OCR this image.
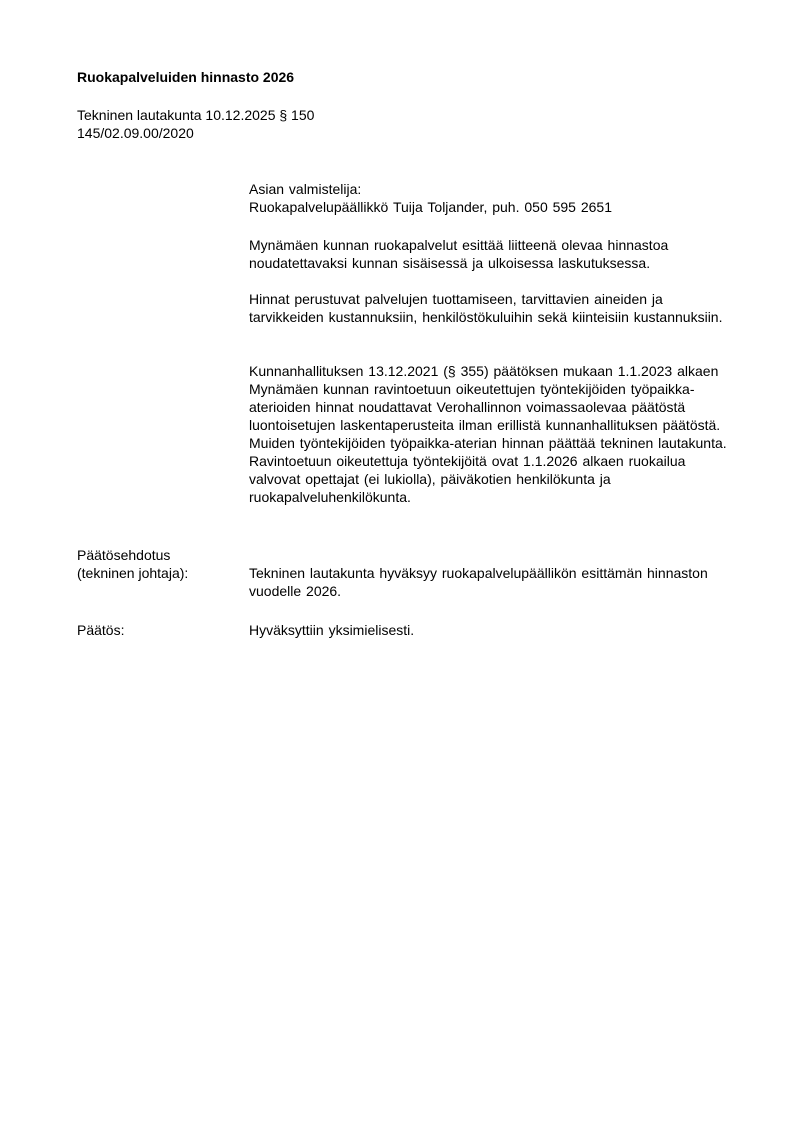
Ruokapalveluiden hinnasto 2026
Tekninen lautakunta 10.12.2025 § 150
145/02.09.00/2020

Asian valmistelija:

Ruokapalvelupäällikkö Tuija Toljander, puh. 050 595 2651

Mynämäen kunnan ruokapalvelut esittää liitteenä olevaa hinnastoa noudatettavaksi kunnan sisäisessä ja ulkoisessa laskutuksessa.

Hinnat perustuvat palvelujen tuottamiseen, tarvittavien aineiden ja tarvikkeiden kustannuksiin, henkilöstökuluihin sekä kiinteisiin kustannuksiin.

Kunnanhallituksen 13.12.2021 (§ 355) päätöksen mukaan 1.1.2023 alkaen Mynämäen kunnan ravintoetuun oikeutettujen työntekijöiden työpaikka-aterioiden hinnat noudattavat Verohallinnon voimassaolevaa päätöstä luontoisetujen laskentaperusteita ilman erillistä kunnanhallituksen päätöstä. Muiden työntekijöiden työpaikka-aterian hinnan päättää tekninen lautakunta. Ravintoetuun oikeutettuja työntekijöitä ovat 1.1.2026 alkaen ruokailua valvovat opettajat (ei lukiolla), päiväkotien henkilökunta ja ruokapalveluhenkilökunta.

Päätösehdotus
(tekninen johtaja):	Tekninen lautakunta hyväksyy ruokapalvelupäällikön esittämän hinnaston vuodelle 2026.

Päätös:	Hyväksyttiin yksimielisesti.
